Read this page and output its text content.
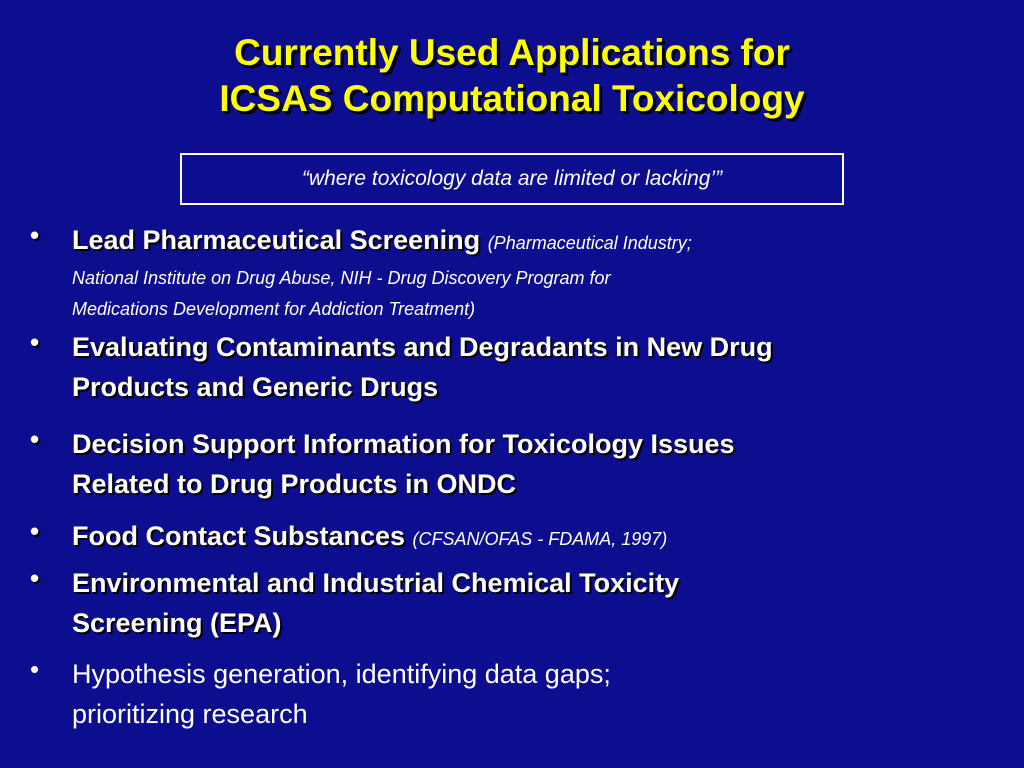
Currently Used Applications for
ICSAS Computational Toxicology
“where toxicology data are limited or lacking’”
• Lead Pharmaceutical Screening (Pharmaceutical Industry;
National Institute on Drug Abuse, NIH - Drug Discovery Program for
Medications Development for Addiction Treatment)
• Evaluating Contaminants and Degradants in New Drug
Products and Generic Drugs
• Decision Support Information for Toxicology Issues
Related to Drug Products in ONDC
• Food Contact Substances (CFSAN/OFAS - FDAMA, 1997)
• Environmental and Industrial Chemical Toxicity
Screening (EPA)
• Hypothesis generation, identifying data gaps;
prioritizing research
